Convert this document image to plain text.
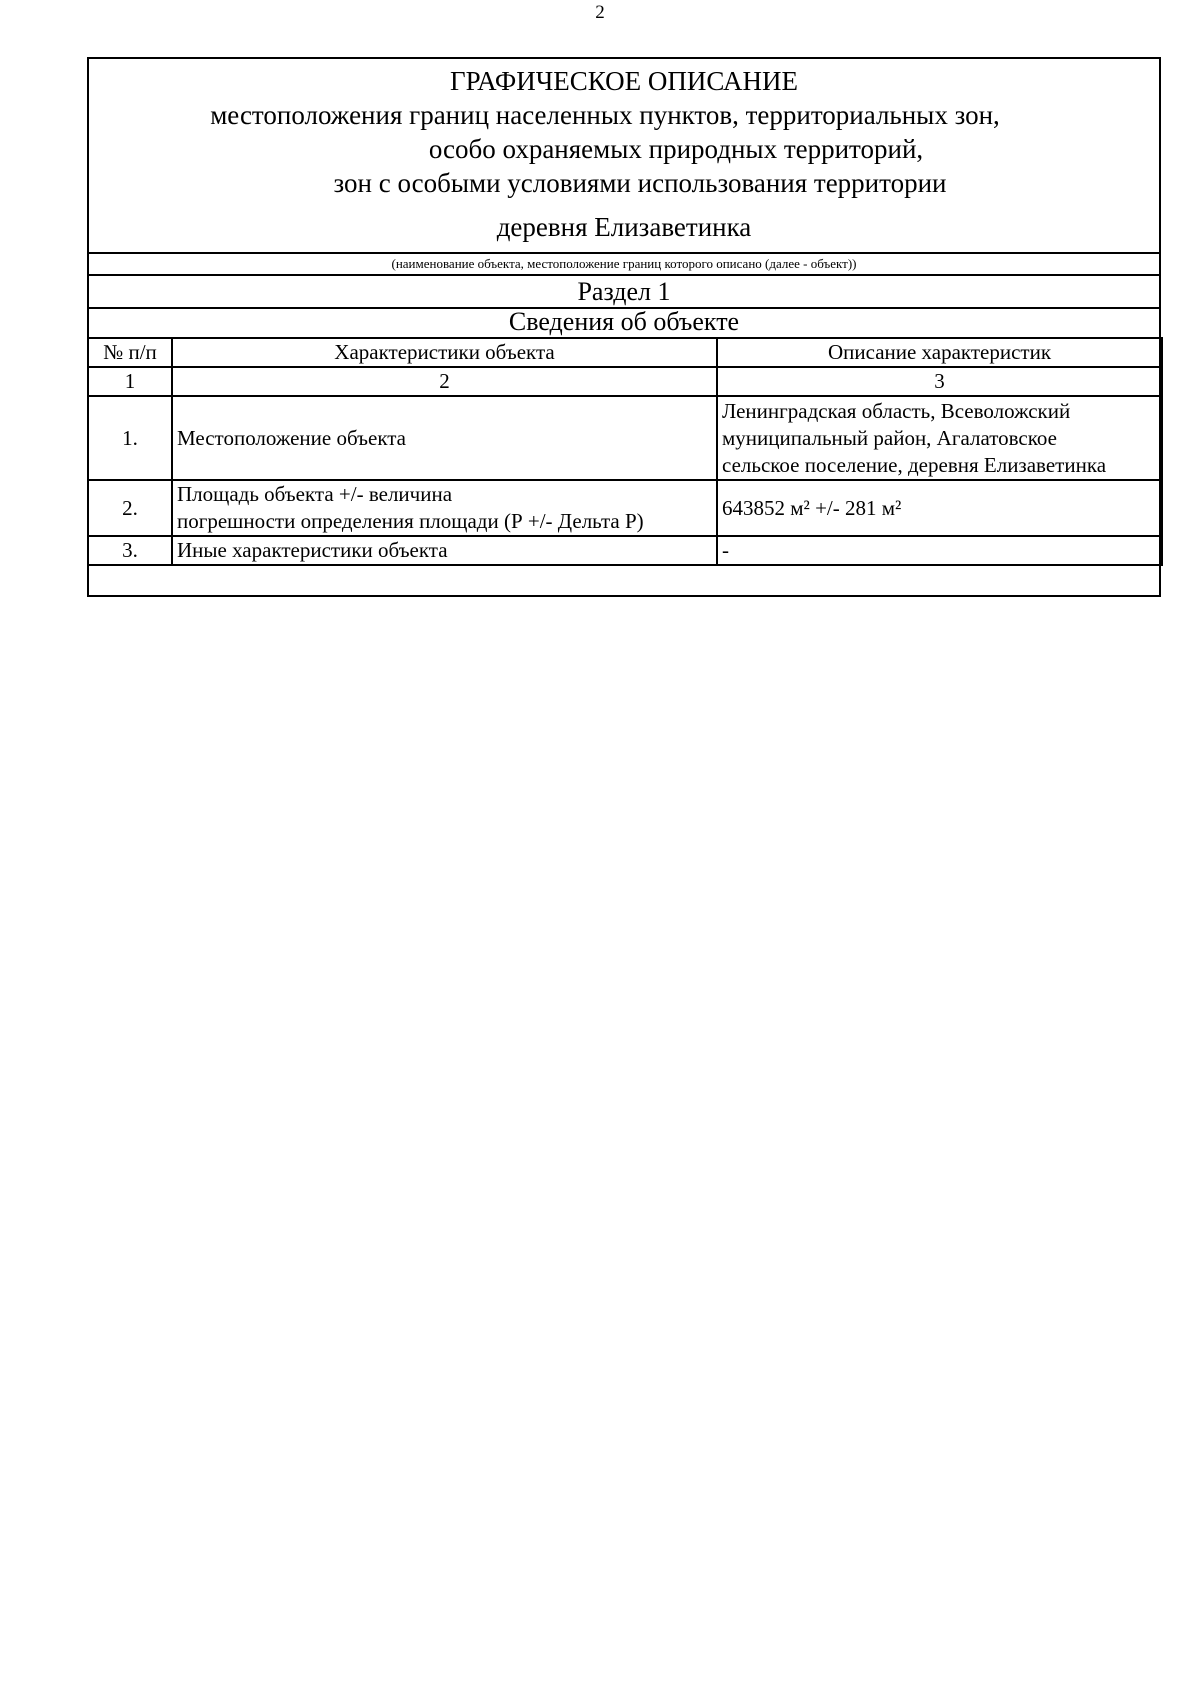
2
ГРАФИЧЕСКОЕ ОПИСАНИЕ
местоположения границ населенных пунктов, территориальных зон,
особо охраняемых природных территорий,
зон с особыми условиями использования территории
деревня Елизаветинка
(наименование объекта, местоположение границ которого описано (далее - объект))
Раздел 1
Сведения об объекте
№ п/п	Характеристики объекта	Описание характеристик
1	2	3
1.	Местоположение объекта	Ленинградская область, Всеволожский
муниципальный район, Агалатовское
сельское поселение, деревня Елизаветинка

2.	Площадь объекта +/- величина
погрешности определения площади (Р +/- Дельта Р)	643852 м² +/- 281 м²

3.	Иные характеристики объекта	-
